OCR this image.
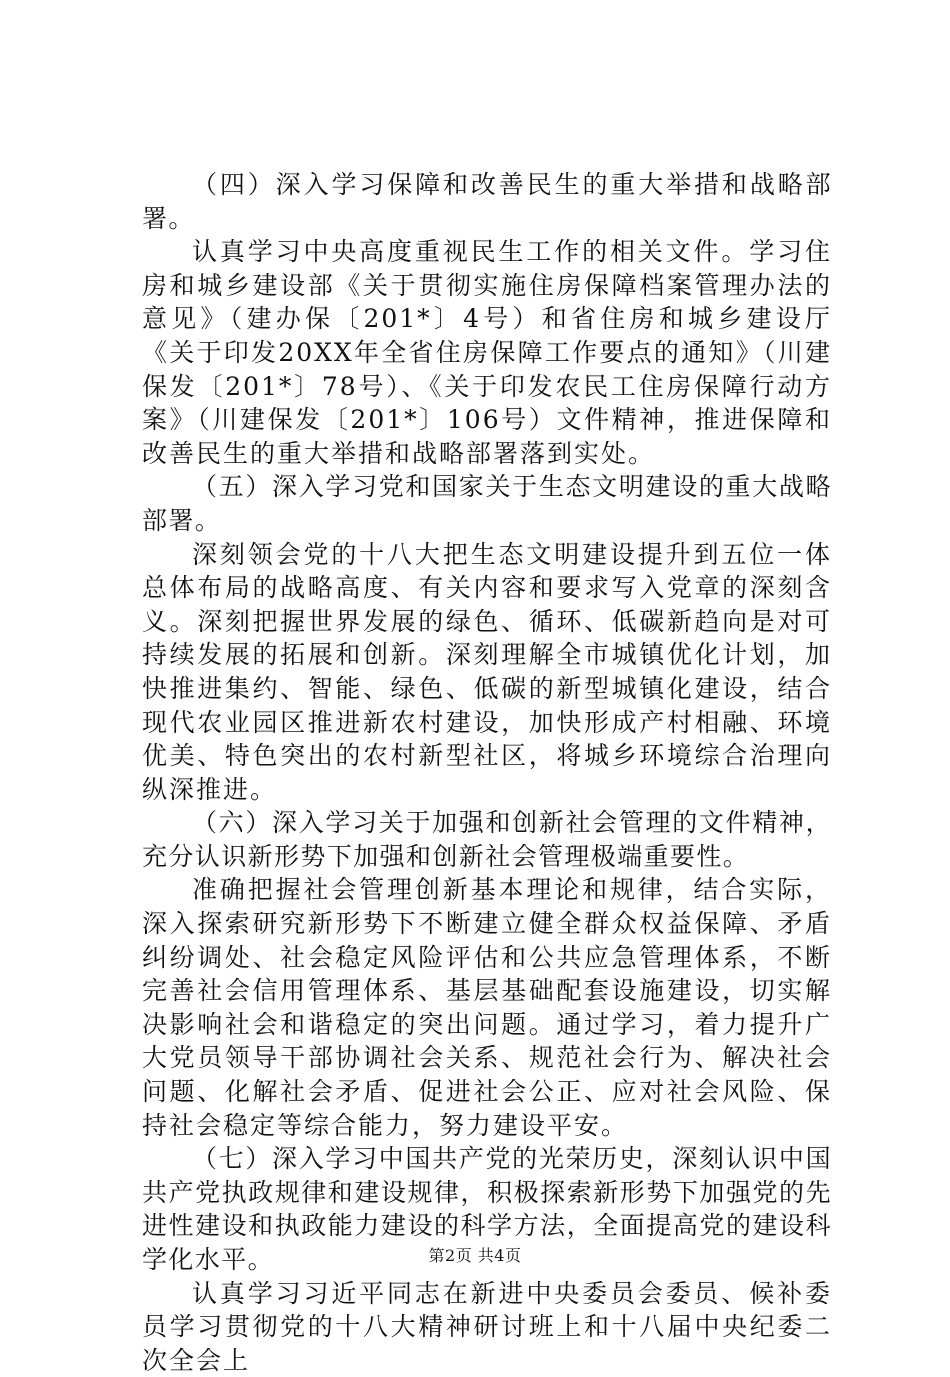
（四）深入学习保障和改善民生的重大举措和战略部署。

认真学习中央高度重视民生工作的相关文件。学习住房和城乡建设部《关于贯彻实施住房保障档案管理办法的意见》（建办保〔201*〕4号）和省住房和城乡建设厅《关于印发20XX年全省住房保障工作要点的通知》（川建保发〔201*〕78号）、《关于印发农民工住房保障行动方案》（川建保发〔201*〕106号）文件精神，推进保障和改善民生的重大举措和战略部署落到实处。

（五）深入学习党和国家关于生态文明建设的重大战略部署。

深刻领会党的十八大把生态文明建设提升到五位一体总体布局的战略高度、有关内容和要求写入党章的深刻含义。深刻把握世界发展的绿色、循环、低碳新趋向是对可持续发展的拓展和创新。深刻理解全市城镇优化计划，加快推进集约、智能、绿色、低碳的新型城镇化建设，结合现代农业园区推进新农村建设，加快形成产村相融、环境优美、特色突出的农村新型社区，将城乡环境综合治理向纵深推进。

（六）深入学习关于加强和创新社会管理的文件精神，充分认识新形势下加强和创新社会管理极端重要性。

准确把握社会管理创新基本理论和规律，结合实际，深入探索研究新形势下不断建立健全群众权益保障、矛盾纠纷调处、社会稳定风险评估和公共应急管理体系，不断完善社会信用管理体系、基层基础配套设施建设，切实解决影响社会和谐稳定的突出问题。通过学习，着力提升广大党员领导干部协调社会关系、规范社会行为、解决社会问题、化解社会矛盾、促进社会公正、应对社会风险、保持社会稳定等综合能力，努力建设平安。

（七）深入学习中国共产党的光荣历史，深刻认识中国共产党执政规律和建设规律，积极探索新形势下加强党的先进性建设和执政能力建设的科学方法，全面提高党的建设科学化水平。

认真学习习近平同志在新进中央委员会委员、候补委员学习贯彻党的十八大精神研讨班上和十八届中央纪委二次全会上

第2页 共4页
